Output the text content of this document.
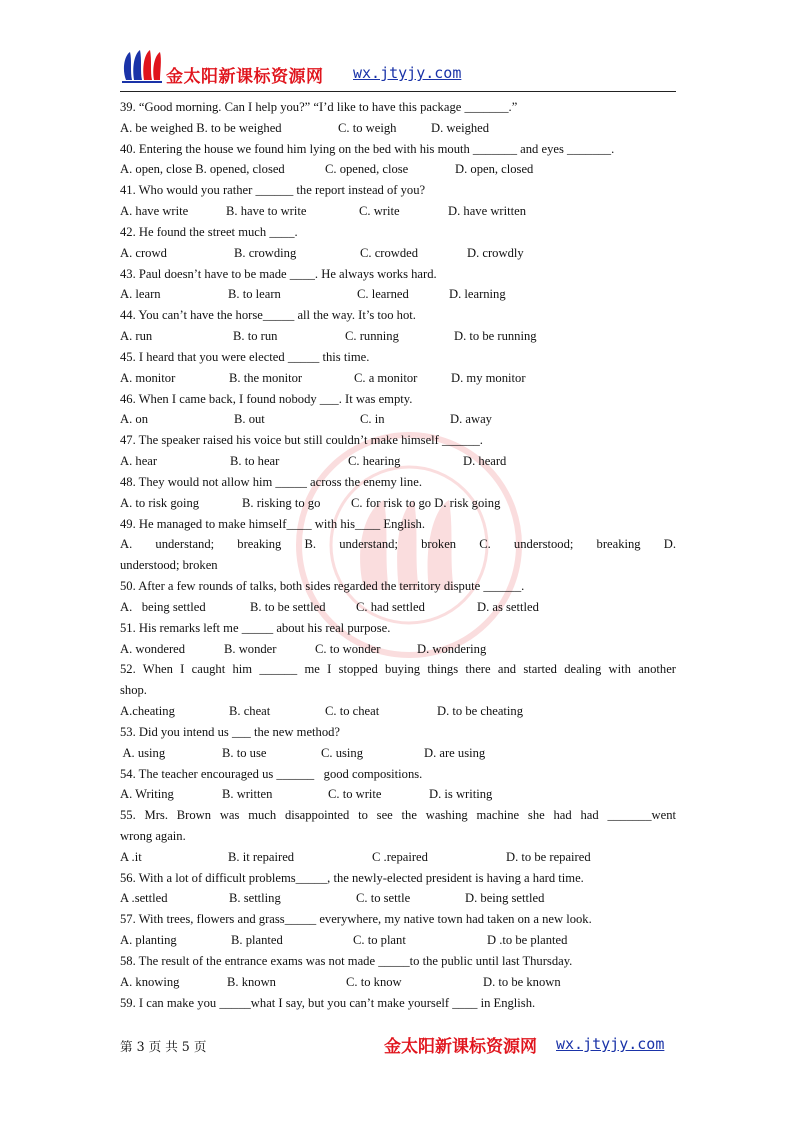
金太阳新课标资源网 wx.jtyjy.com
39. “Good morning. Can I help you?” “I’d like to have this package _______.”
A. be weighed B. to be weighed	C. to weigh	D. weighed
40. Entering the house we found him lying on the bed with his mouth _______ and eyes _______.
A. open, close B. opened, closed	C. opened, close	D. open, closed
41. Who would you rather ______ the report instead of you?
A. have write	B. have to write	C. write	D. have written
42. He found the street much ____.
A. crowd	B. crowding	C. crowded	D. crowdly
43. Paul doesn’t have to be made ____. He always works hard.
A. learn	B. to learn	C. learned	D. learning
44. You can’t have the horse_____ all the way. It’s too hot.
A. run	B. to run	C. running	D. to be running
45. I heard that you were elected _____ this time.
A. monitor	B. the monitor	C. a monitor	D. my monitor
46. When I came back, I found nobody ___. It was empty.
A. on	B. out	C. in	D. away
47. The speaker raised his voice but still couldn’t make himself ______.
A. hear	B. to hear	C. hearing	D. heard
48. They would not allow him _____ across the enemy line.
A. to risk going	B. risking to go C. for risk to go D. risk going
49. He managed to make himself____ with his____ English.
A. understand; breaking B. understand; broken C. understood; breaking D.
understood; broken
50. After a few rounds of talks, both sides regarded the territory dispute ______.
A.   being settled	B. to be settled C. had settled	D. as settled
51. His remarks left me _____ about his real purpose.
A. wondered	B. wonder	C. to wonder	D. wondering
52. When I caught him ______ me I stopped buying things there and started dealing with another
shop.
A.cheating	B. cheat	C. to cheat	D. to be cheating
53. Did you intend us ___ the new method?
A. using	B. to use	C. using	D. are using
54. The teacher encouraged us ______   good compositions.
A. Writing	B. written	C. to write	D. is writing
55. Mrs. Brown was much disappointed to see the washing machine she had had _______went
wrong again.
A .it	B. it repaired	C .repaired	D. to be repaired
56. With a lot of difficult problems_____, the newly-elected president is having a hard time.
A .settled	B. settling	C. to settle	D. being settled
57. With trees, flowers and grass_____ everywhere, my native town had taken on a new look.
A. planting	B. planted	C. to plant	D .to be planted
58. The result of the entrance exams was not made _____to the public until last Thursday.
A. knowing	B. known	C. to know	D. to be known
59. I can make you _____what I say, but you can’t make yourself ____ in English.
第 3 页 共 5 页	金太阳新课标资源网 wx.jtyjy.com
